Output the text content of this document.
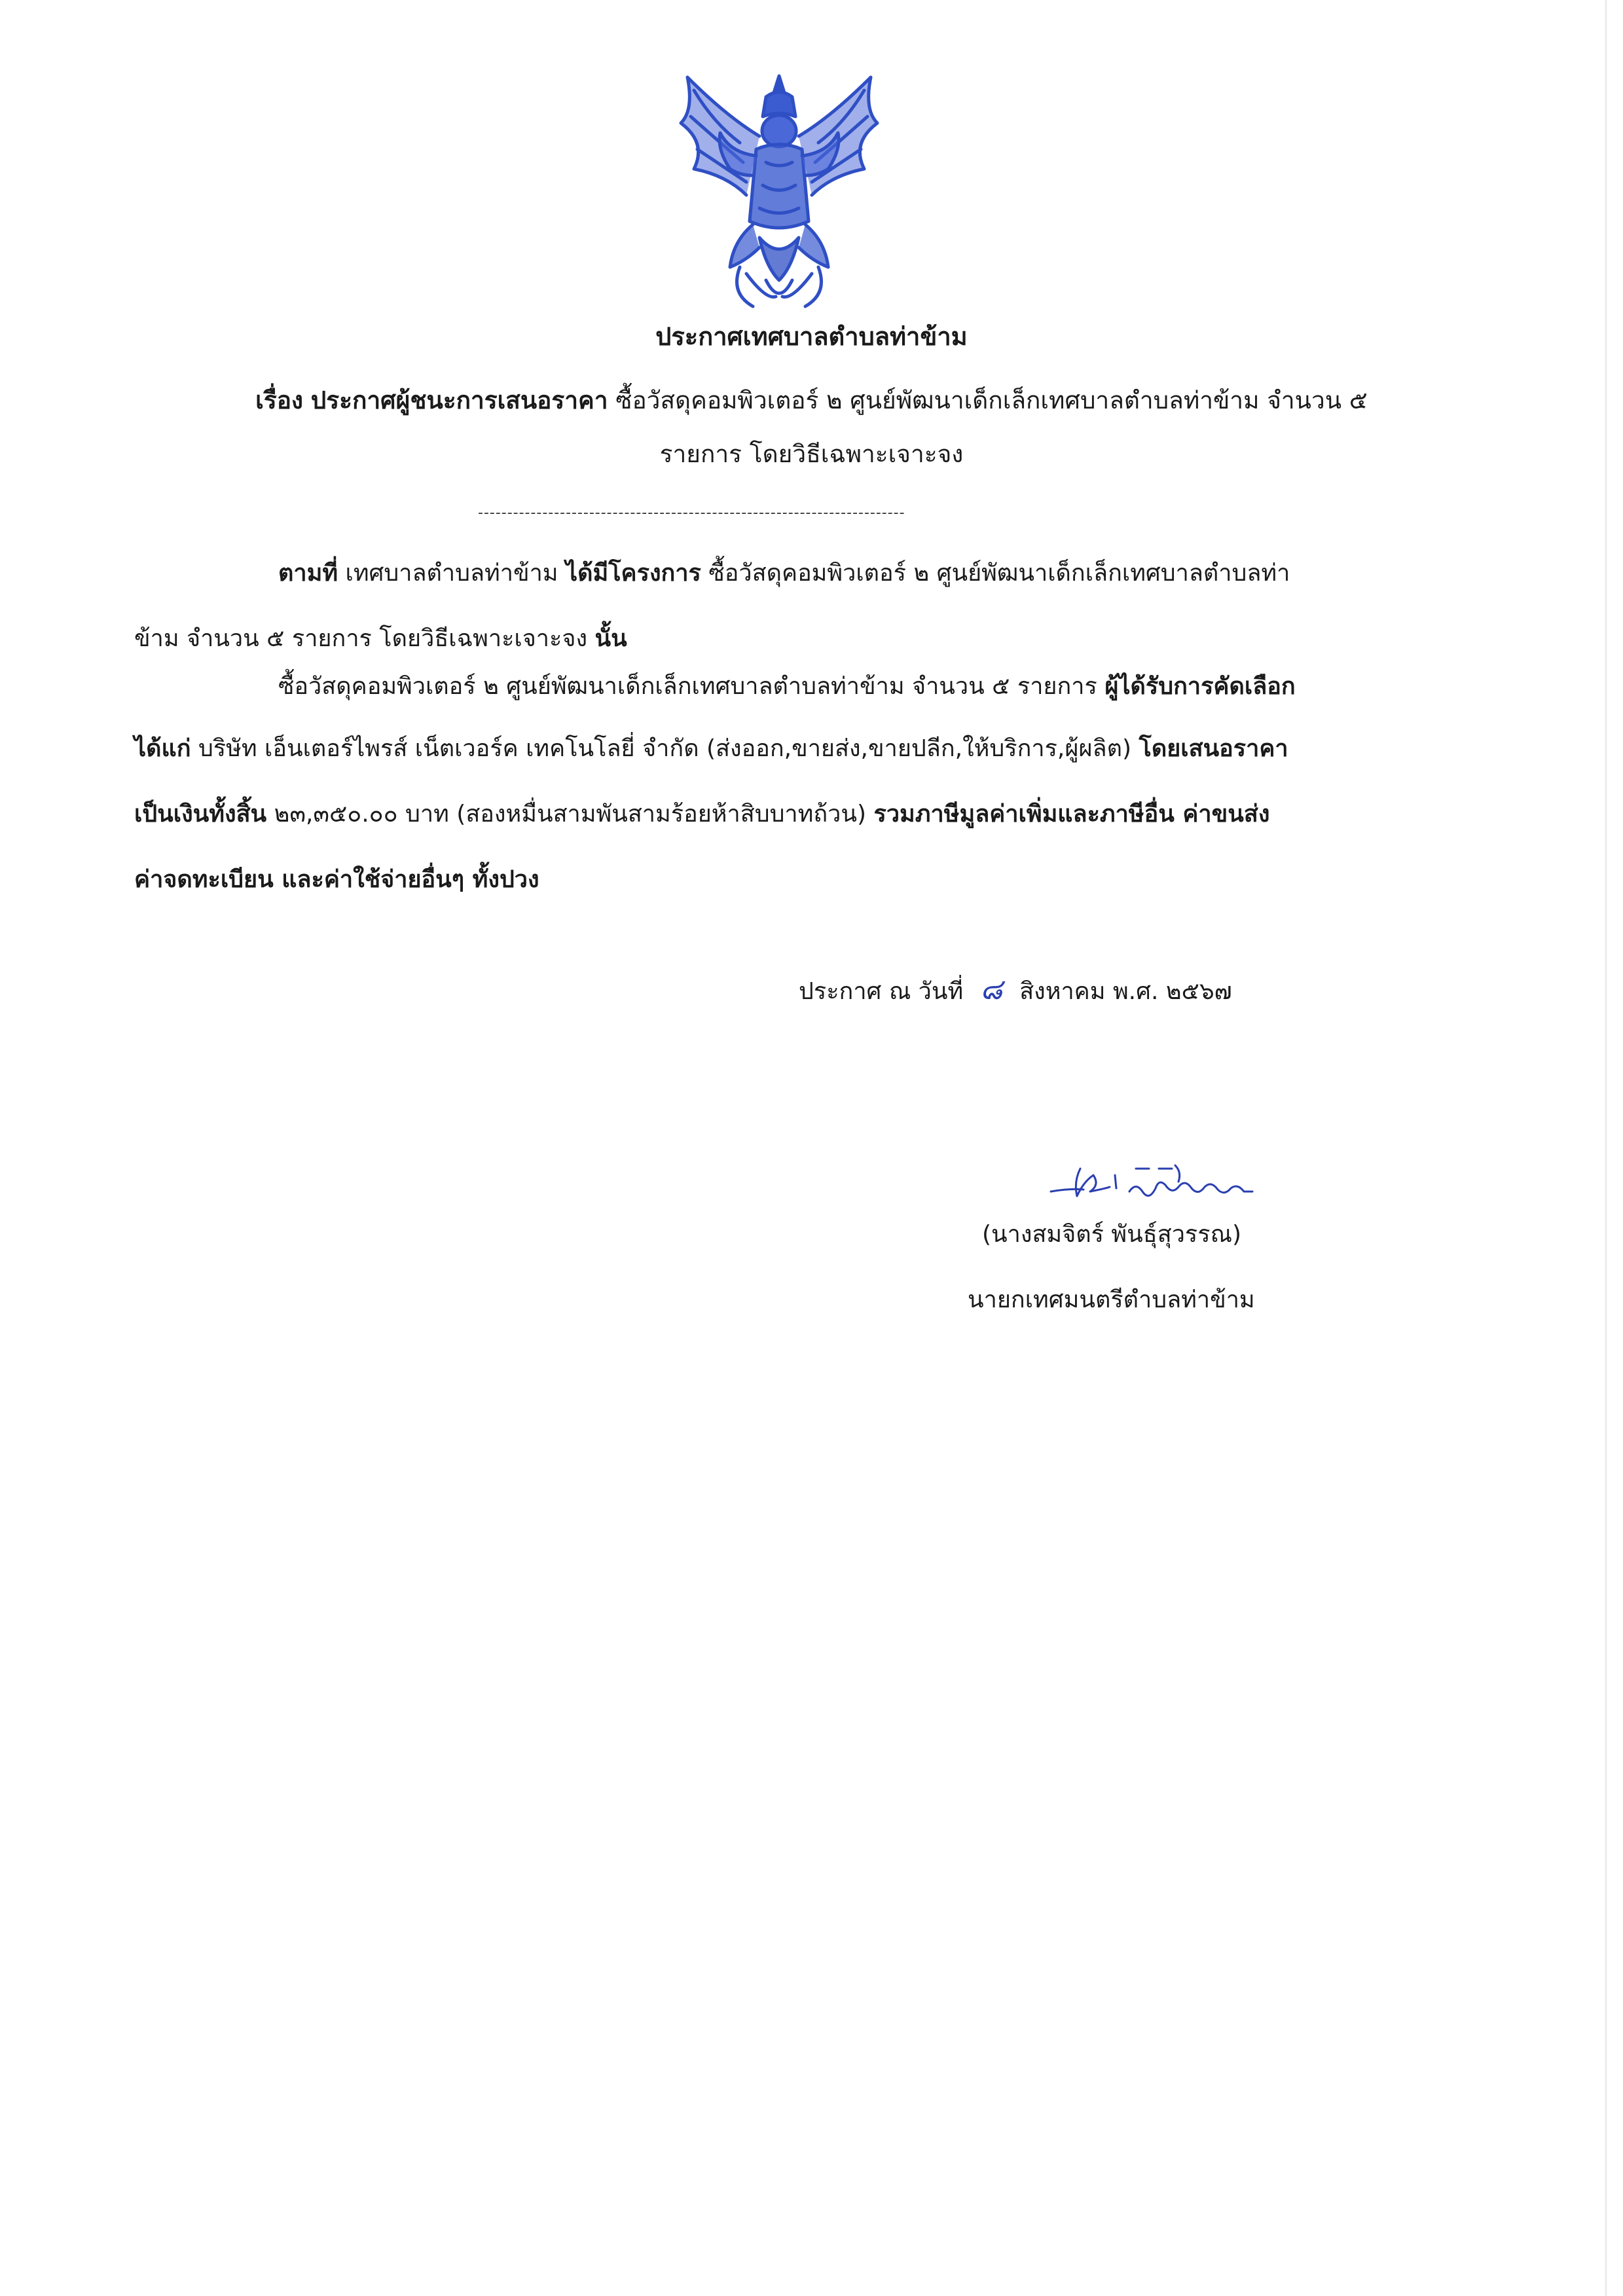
ประกาศเทศบาลตำบลท่าข้าม
เรื่อง ประกาศผู้ชนะการเสนอราคา ซื้อวัสดุคอมพิวเตอร์ ๒ ศูนย์พัฒนาเด็กเล็กเทศบาลตำบลท่าข้าม จำนวน ๕
รายการ โดยวิธีเฉพาะเจาะจง
-------------------------------------------------------------------------
ตามที่ เทศบาลตำบลท่าข้าม ได้มีโครงการ ซื้อวัสดุคอมพิวเตอร์ ๒ ศูนย์พัฒนาเด็กเล็กเทศบาลตำบลท่า
ข้าม จำนวน ๕ รายการ โดยวิธีเฉพาะเจาะจง นั้น
ซื้อวัสดุคอมพิวเตอร์ ๒ ศูนย์พัฒนาเด็กเล็กเทศบาลตำบลท่าข้าม จำนวน ๕ รายการ ผู้ได้รับการคัดเลือก
ได้แก่ บริษัท เอ็นเตอร์ไพรส์ เน็ตเวอร์ค เทคโนโลยี่ จำกัด (ส่งออก,ขายส่ง,ขายปลีก,ให้บริการ,ผู้ผลิต) โดยเสนอราคา
เป็นเงินทั้งสิ้น ๒๓,๓๕๐.๐๐ บาท (สองหมื่นสามพันสามร้อยห้าสิบบาทถ้วน) รวมภาษีมูลค่าเพิ่มและภาษีอื่น ค่าขนส่ง
ค่าจดทะเบียน และค่าใช้จ่ายอื่นๆ ทั้งปวง
ประกาศ ณ วันที่ ๘ สิงหาคม พ.ศ. ๒๕๖๗
(นางสมจิตร์ พันธุ์สุวรรณ)
นายกเทศมนตรีตำบลท่าข้าม
